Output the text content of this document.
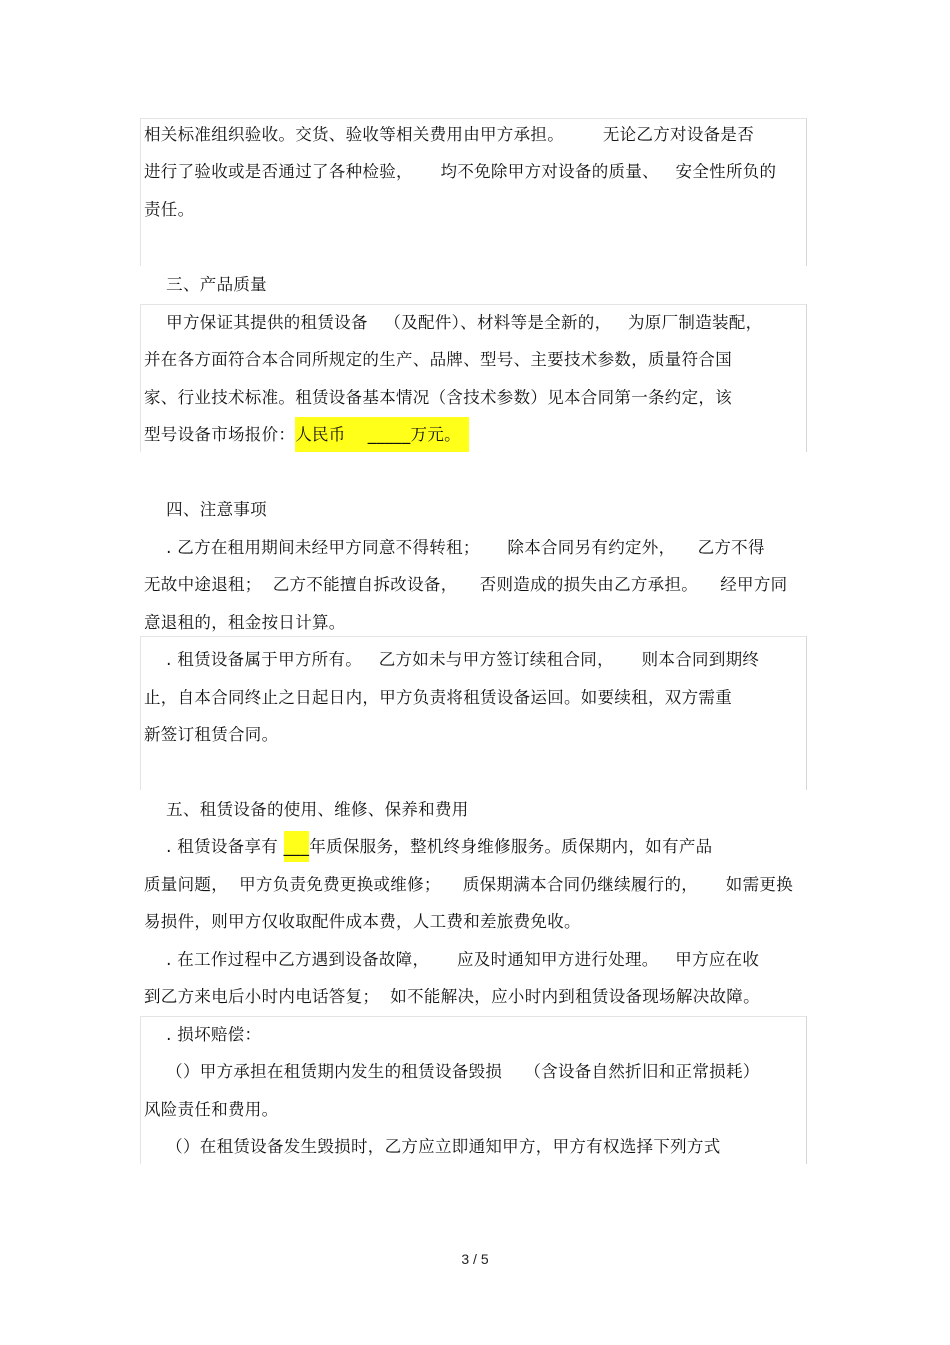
相关标准组织验收。交货、验收等相关费用由甲方承担。       无论乙方对设备是否
进行了验收或是否通过了各种检验，     均不免除甲方对设备的质量、   安全性所负的
责任。
三、产品质量
甲方保证其提供的租赁设备   （及配件）、材料等是全新的，   为原厂制造装配，
并在各方面符合本合同所规定的生产、品牌、型号、主要技术参数，质量符合国
家、行业技术标准。租赁设备基本情况（含技术参数）见本合同第一条约定，该
型号设备市场报价：人民币    _____万元。
四、注意事项
. 乙方在租用期间未经甲方同意不得转租；     除本合同另有约定外，    乙方不得
无故中途退租；  乙方不能擅自拆改设备，    否则造成的损失由乙方承担。    经甲方同
意退租的，租金按日计算。
. 租赁设备属于甲方所有。   乙方如未与甲方签订续租合同，     则本合同到期终
止，自本合同终止之日起日内，甲方负责将租赁设备运回。如要续租，双方需重
新签订租赁合同。
五、租赁设备的使用、维修、保养和费用
. 租赁设备享有 ___年质保服务，整机终身维修服务。质保期内，如有产品
质量问题，  甲方负责免费更换或维修；    质保期满本合同仍继续履行的，     如需更换
易损件，则甲方仅收取配件成本费，人工费和差旅费免收。
. 在工作过程中乙方遇到设备故障，     应及时通知甲方进行处理。   甲方应在收
到乙方来电后小时内电话答复；  如不能解决，应小时内到租赁设备现场解决故障。
. 损坏赔偿：
（）甲方承担在租赁期内发生的租赁设备毁损    （含设备自然折旧和正常损耗）
风险责任和费用。
（）在租赁设备发生毁损时，乙方应立即通知甲方，甲方有权选择下列方式
3 / 5
